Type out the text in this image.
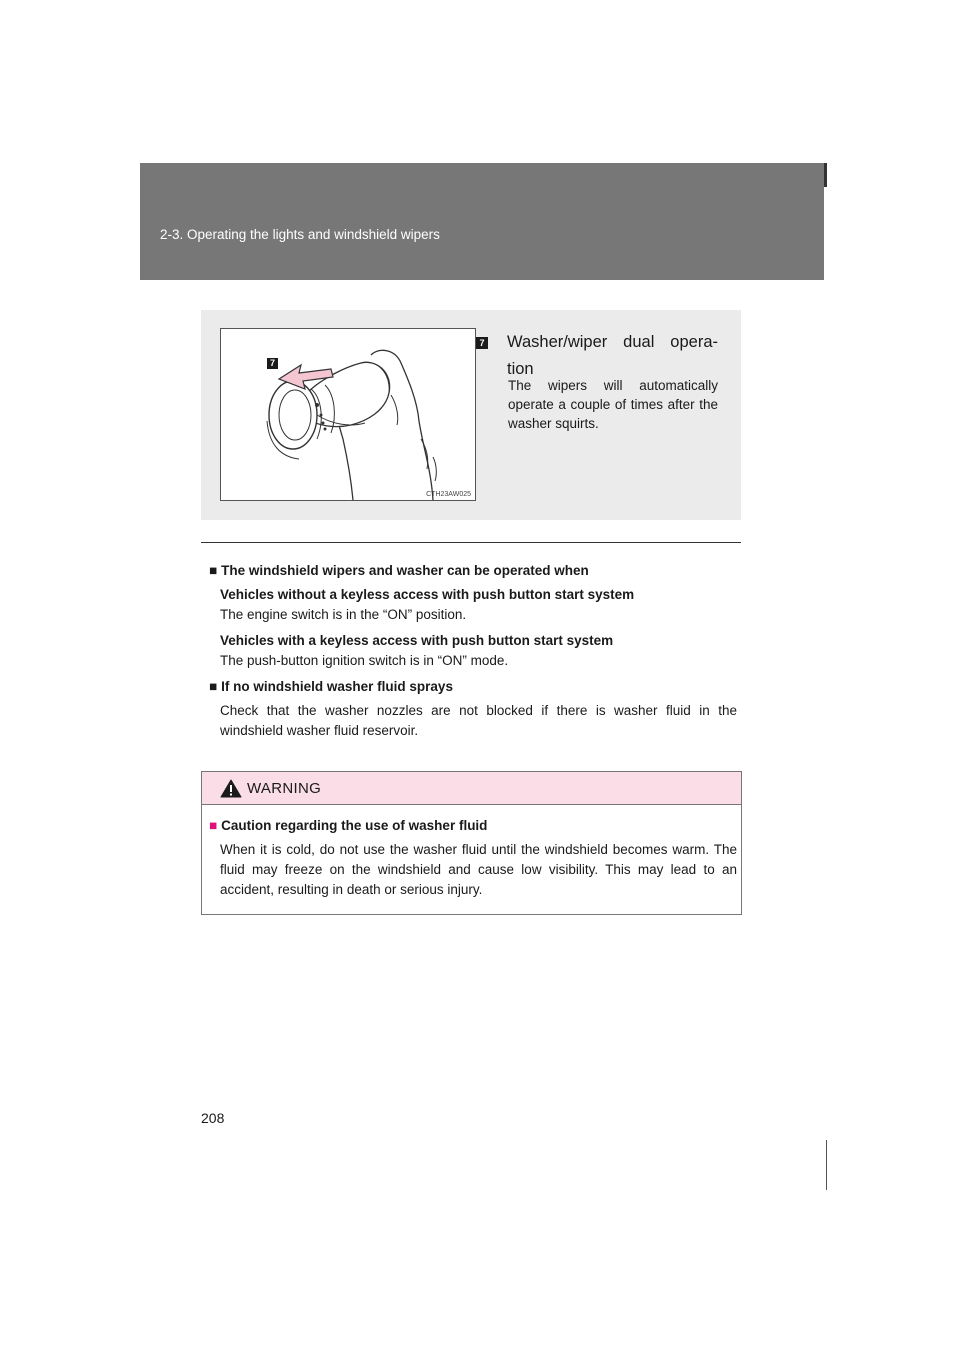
2-3. Operating the lights and windshield wipers
7
CTH23AW025
7 Washer/wiper dual opera-
tion
The wipers will automatically operate a couple of times after the washer squirts.

■ The windshield wipers and washer can be operated when

Vehicles without a keyless access with push button start system

The engine switch is in the “ON” position.

Vehicles with a keyless access with push button start system

The push-button ignition switch is in “ON” mode.

■ If no windshield washer fluid sprays

Check that the washer nozzles are not blocked if there is washer fluid in the windshield washer fluid reservoir.

WARNING

■ Caution regarding the use of washer fluid

When it is cold, do not use the washer fluid until the windshield becomes warm. The fluid may freeze on the windshield and cause low visibility. This may lead to an accident, resulting in death or serious injury.

208
